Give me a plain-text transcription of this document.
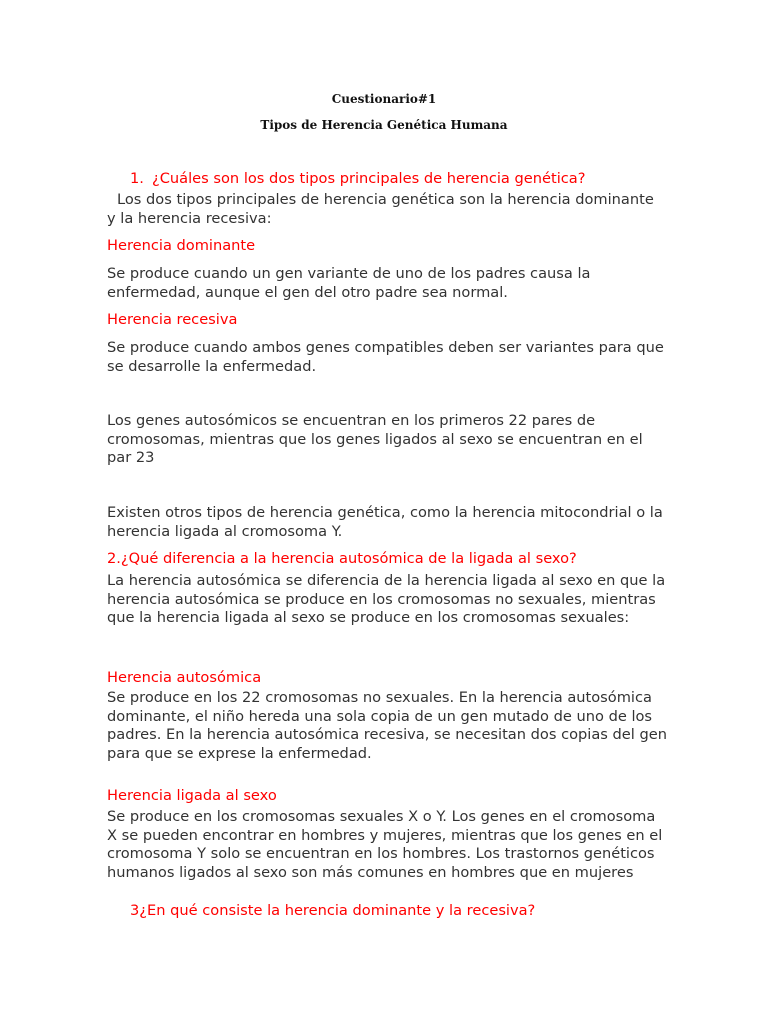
Cuestionario#1
Tipos de Herencia Genética Humana
1. ¿Cuáles son los dos tipos principales de herencia genética?
Los dos tipos principales de herencia genética son la herencia dominante y la herencia recesiva:
Herencia dominante
Se produce cuando un gen variante de uno de los padres causa la enfermedad, aunque el gen del otro padre sea normal.
Herencia recesiva
Se produce cuando ambos genes compatibles deben ser variantes para que se desarrolle la enfermedad.
Los genes autosómicos se encuentran en los primeros 22 pares de cromosomas, mientras que los genes ligados al sexo se encuentran en el par 23
Existen otros tipos de herencia genética, como la herencia mitocondrial o la herencia ligada al cromosoma Y.
2.¿Qué diferencia a la herencia autosómica de la ligada al sexo?
La herencia autosómica se diferencia de la herencia ligada al sexo en que la herencia autosómica se produce en los cromosomas no sexuales, mientras que la herencia ligada al sexo se produce en los cromosomas sexuales:
Herencia autosómica
Se produce en los 22 cromosomas no sexuales. En la herencia autosómica dominante, el niño hereda una sola copia de un gen mutado de uno de los padres. En la herencia autosómica recesiva, se necesitan dos copias del gen para que se exprese la enfermedad.
Herencia ligada al sexo
Se produce en los cromosomas sexuales X o Y. Los genes en el cromosoma X se pueden encontrar en hombres y mujeres, mientras que los genes en el cromosoma Y solo se encuentran en los hombres. Los trastornos genéticos humanos ligados al sexo son más comunes en hombres que en mujeres
3¿En qué consiste la herencia dominante y la recesiva?
